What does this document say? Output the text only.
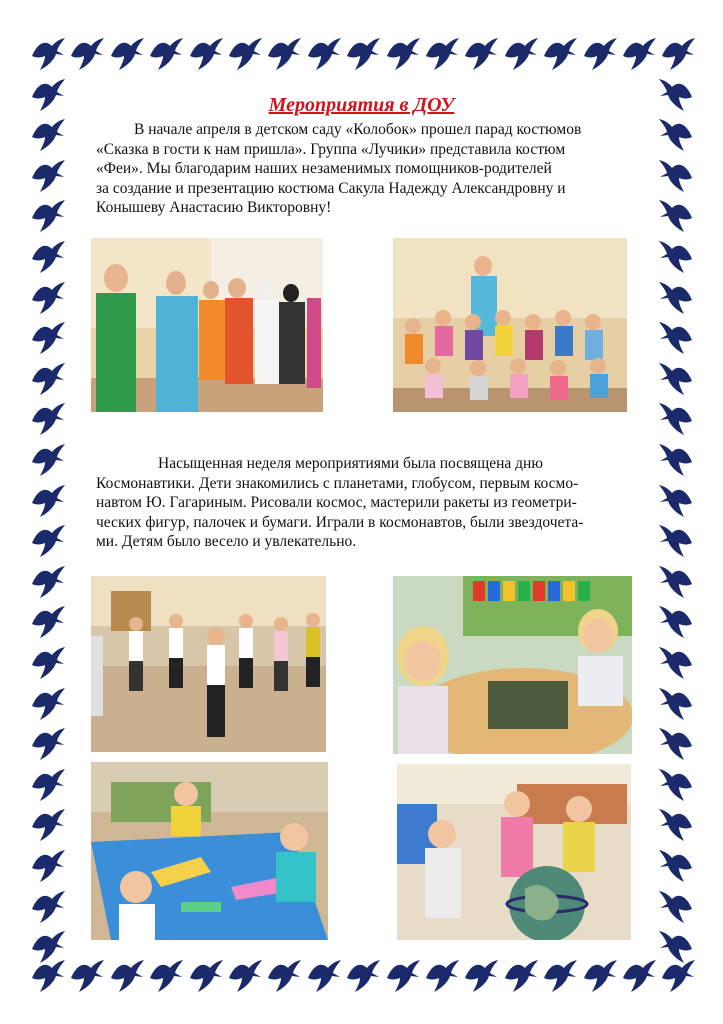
Мероприятия в ДОУ
В начале апреля в детском саду «Колобок» прошел парад костюмов
«Сказка в гости к нам пришла». Группа «Лучики» представила костюм
«Феи». Мы благодарим наших незаменимых помощников-родителей
за создание и презентацию костюма Сакула Надежду Александровну и
Конышеву Анастасию Викторовну!
Насыщенная неделя мероприятиями была посвящена дню
Космонавтики. Дети знакомились с планетами, глобусом, первым космо-
навтом Ю. Гагариным. Рисовали космос, мастерили ракеты из геометри-
ческих фигур, палочек и бумаги. Играли в космонавтов, были звездочета-
ми. Детям было весело и увлекательно.
